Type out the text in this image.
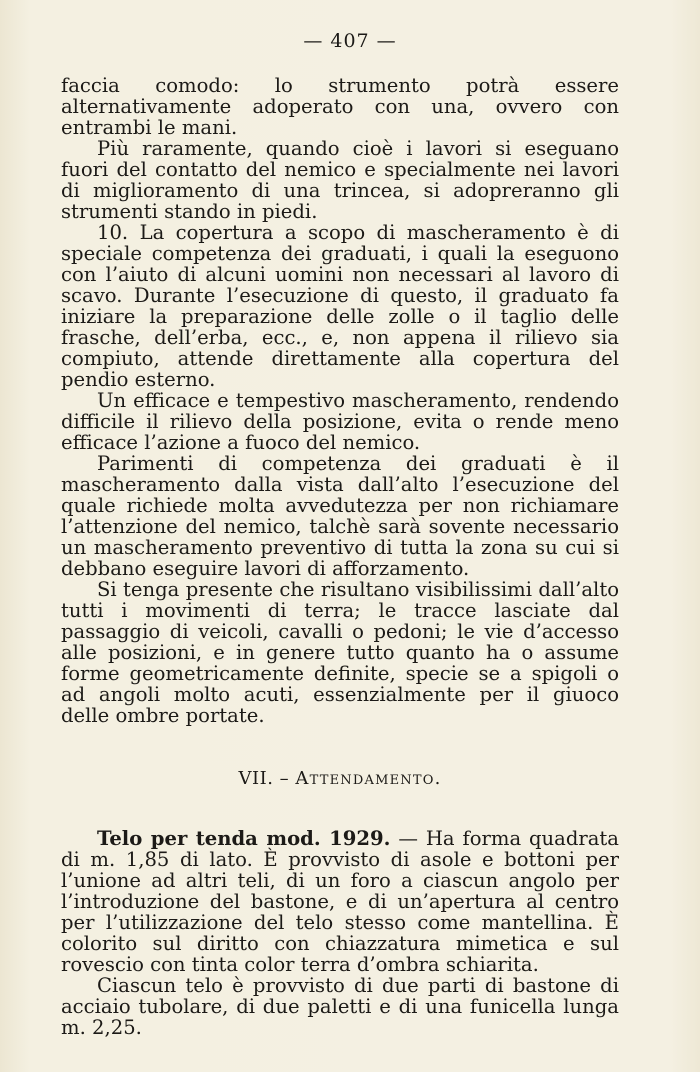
— 407 —

faccia comodo: lo strumento potrà essere alternativamente adoperato con una, ovvero con entrambi le mani.

Più raramente, quando cioè i lavori si eseguano fuori del contatto del nemico e specialmente nei lavori di miglioramento di una trincea, si adopreranno gli strumenti stando in piedi.

10. La copertura a scopo di mascheramento è di speciale competenza dei graduati, i quali la eseguono con l’aiuto di alcuni uomini non necessari al lavoro di scavo. Durante l’esecuzione di questo, il graduato fa iniziare la preparazione delle zolle o il taglio delle frasche, dell’erba, ecc., e, non appena il rilievo sia compiuto, attende direttamente alla copertura del pendio esterno.

Un efficace e tempestivo mascheramento, rendendo difficile il rilievo della posizione, evita o rende meno efficace l’azione a fuoco del nemico.

Parimenti di competenza dei graduati è il mascheramento dalla vista dall’alto l’esecuzione del quale richiede molta avvedutezza per non richiamare l’attenzione del nemico, talchè sarà sovente necessario un mascheramento preventivo di tutta la zona su cui si debbano eseguire lavori di afforzamento.

Si tenga presente che risultano visibilissimi dall’alto tutti i movimenti di terra; le tracce lasciate dal passaggio di veicoli, cavalli o pedoni; le vie d’accesso alle posizioni, e in genere tutto quanto ha o assume forme geometricamente definite, specie se a spigoli o ad angoli molto acuti, essenzialmente per il giuoco delle ombre portate.

VII. – Attendamento.

Telo per tenda mod. 1929. — Ha forma quadrata di m. 1,85 di lato. È provvisto di asole e bottoni per l’unione ad altri teli, di un foro a ciascun angolo per l’introduzione del bastone, e di un’apertura al centro per l’utilizzazione del telo stesso come mantellina. È colorito sul diritto con chiazzatura mimetica e sul rovescio con tinta color terra d’ombra schiarita.

Ciascun telo è provvisto di due parti di bastone di acciaio tubolare, di due paletti e di una funicella lunga m. 2,25.
